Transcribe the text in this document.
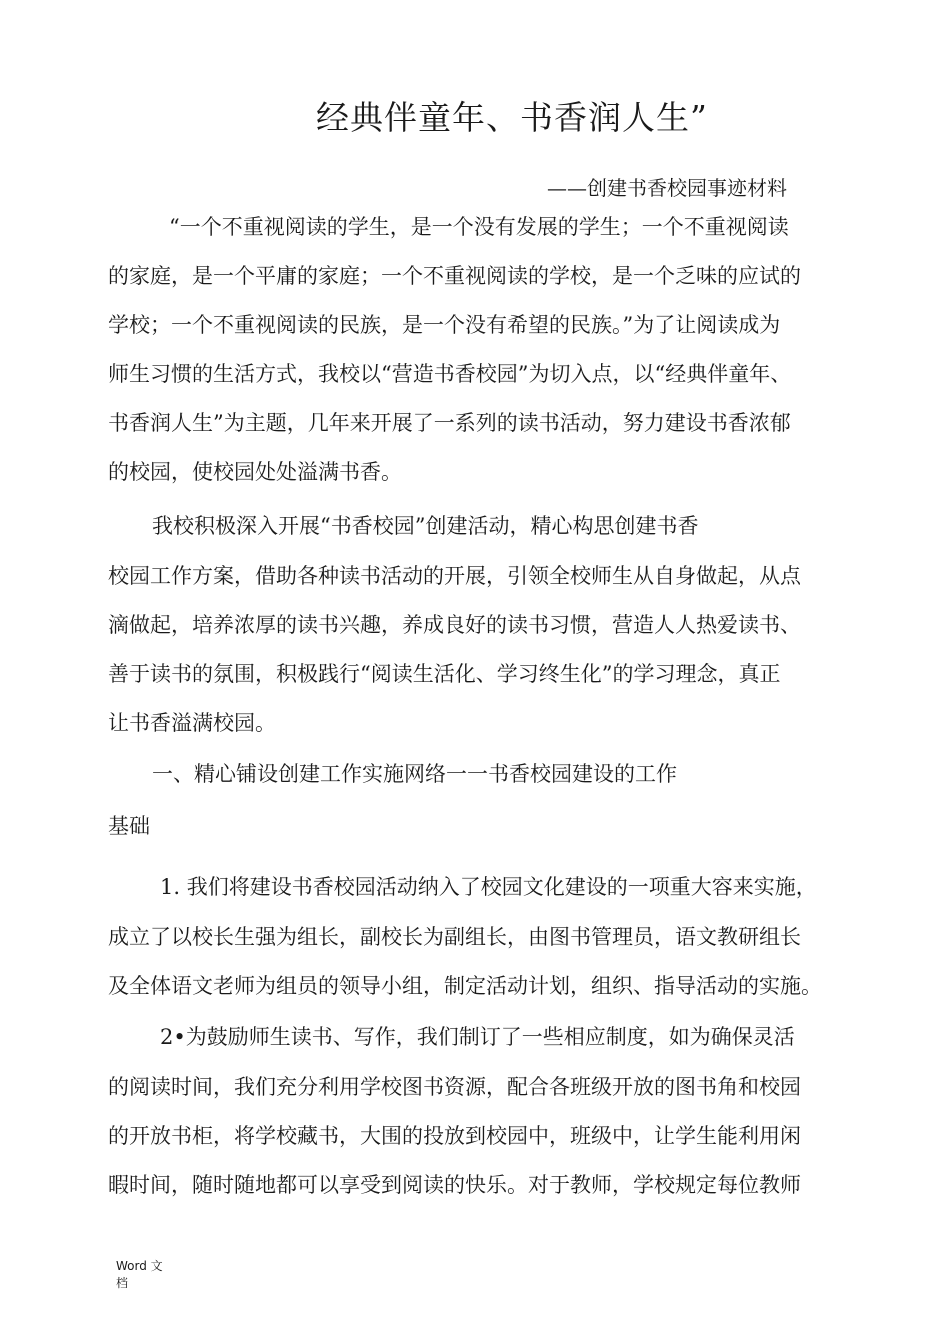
经典伴童年、书香润人生”
——创建书香校园事迹材料
“一个不重视阅读的学生，是一个没有发展的学生；一个不重视阅读
的家庭，是一个平庸的家庭；一个不重视阅读的学校，是一个乏味的应试的
学校；一个不重视阅读的民族，是一个没有希望的民族。”为了让阅读成为
师生习惯的生活方式，我校以“营造书香校园”为切入点，以“经典伴童年、
书香润人生”为主题，几年来开展了一系列的读书活动，努力建设书香浓郁
的校园，使校园处处溢满书香。
我校积极深入开展“书香校园”创建活动，精心构思创建书香
校园工作方案，借助各种读书活动的开展，引领全校师生从自身做起，从点
滴做起，培养浓厚的读书兴趣，养成良好的读书习惯，营造人人热爱读书、
善于读书的氛围，积极践行“阅读生活化、学习终生化”的学习理念，真正
让书香溢满校园。
一、精心铺设创建工作实施网络一一书香校园建设的工作
基础
1. 我们将建设书香校园活动纳入了校园文化建设的一项重大容来实施，
成立了以校长生强为组长，副校长为副组长，由图书管理员，语文教研组长
及全体语文老师为组员的领导小组，制定活动计划，组织、指导活动的实施。
2•为鼓励师生读书、写作，我们制订了一些相应制度，如为确保灵活
的阅读时间，我们充分利用学校图书资源，配合各班级开放的图书角和校园
的开放书柜，将学校藏书，大围的投放到校园中，班级中，让学生能利用闲
暇时间，随时随地都可以享受到阅读的快乐。对于教师，学校规定每位教师
Word 文
档
